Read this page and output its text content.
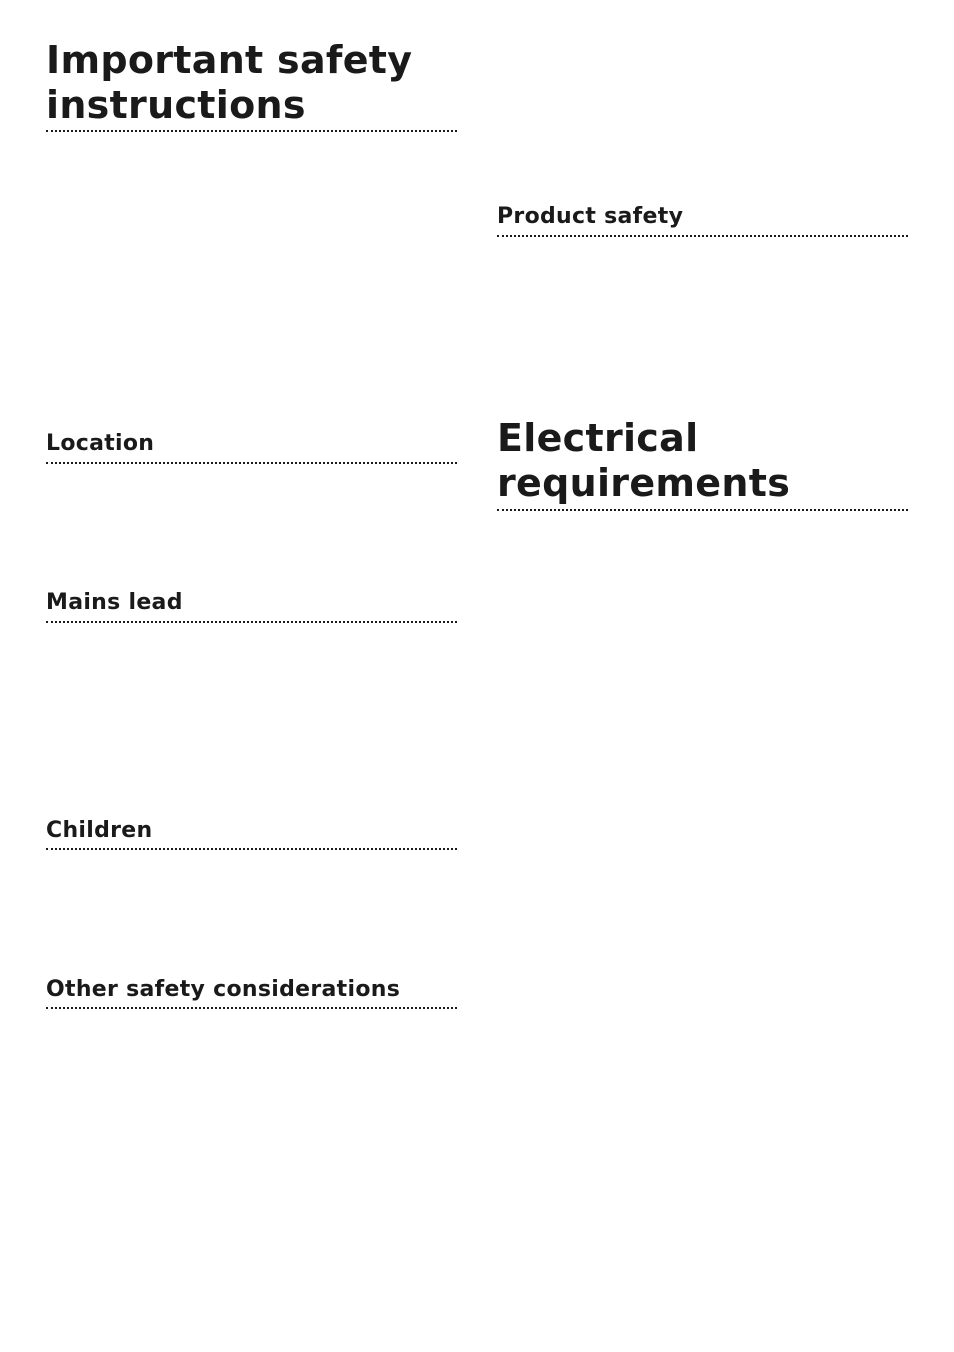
Important safety
instructions
Product safety
Location	Electrical
requirements
Mains lead
Children
Other safety considerations
